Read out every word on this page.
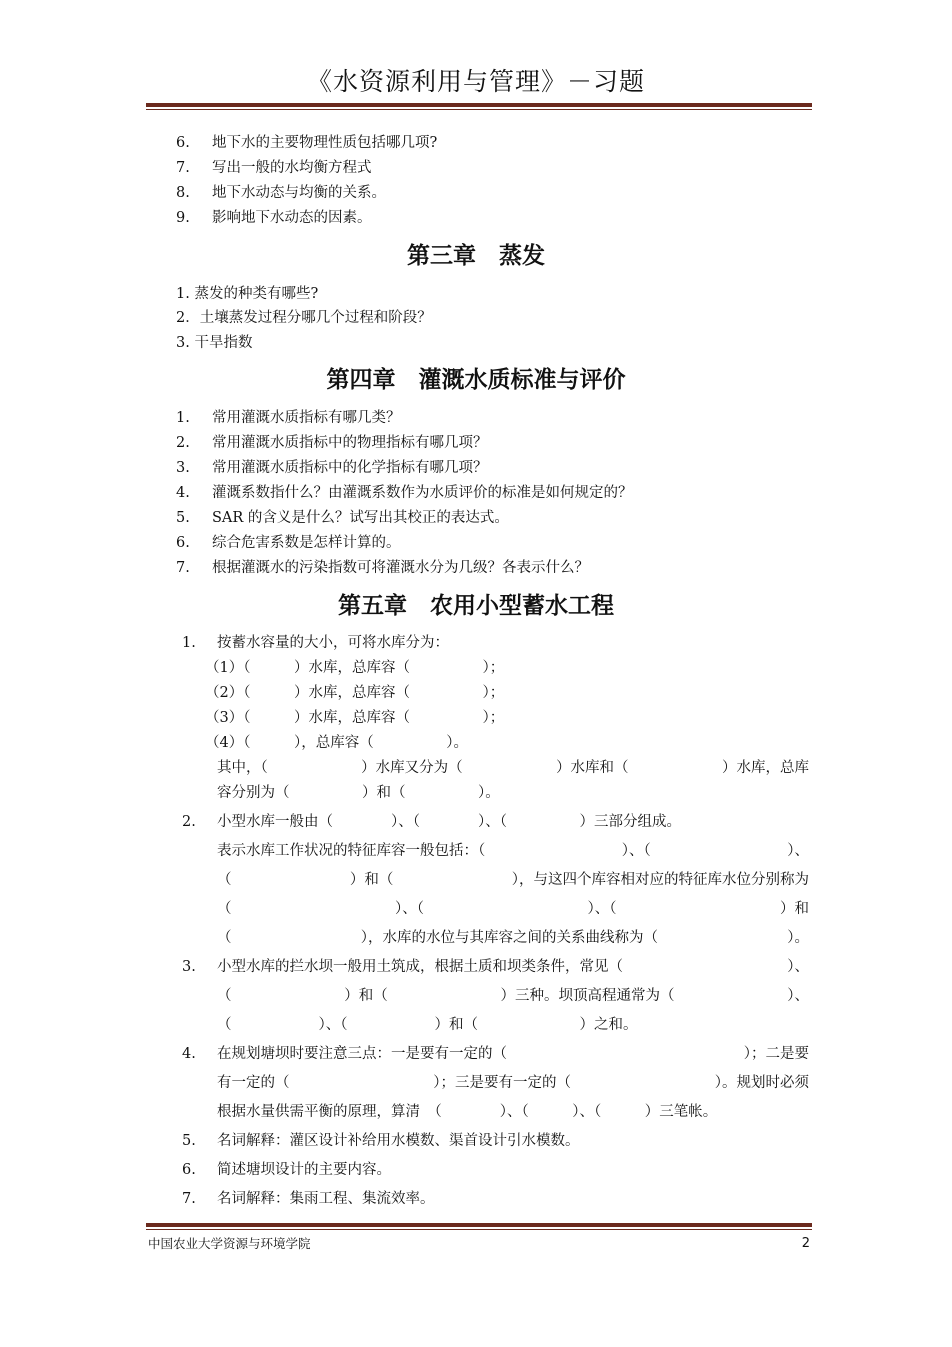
《水资源利用与管理》－习题
6. 地下水的主要物理性质包括哪几项?
7. 写出一般的水均衡方程式
8. 地下水动态与均衡的关系。
9. 影响地下水动态的因素。
第三章　蒸发
1. 蒸发的种类有哪些?
2．土壤蒸发过程分哪几个过程和阶段？
3. 干旱指数
第四章　灌溉水质标准与评价
1. 常用灌溉水质指标有哪几类？
2. 常用灌溉水质指标中的物理指标有哪几项？
3. 常用灌溉水质指标中的化学指标有哪几项？
4. 灌溉系数指什么？由灌溉系数作为水质评价的标准是如何规定的？
5. SAR 的含义是什么？试写出其校正的表达式。
6. 综合危害系数是怎样计算的。
7. 根据灌溉水的污染指数可将灌溉水分为几级？各表示什么？
第五章　农用小型蓄水工程
1. 按蓄水容量的大小，可将水库分为：
（1）（　　　）水库，总库容（　　　　　）；
（2）（　　　）水库，总库容（　　　　　）；
（3）（　　　）水库，总库容（　　　　　）；
（4）（　　　），总库容（　　　　　）。
其中，（	）水库又分为（	）水库和（	）水库，总库
容分别为（　　　　　）和（　　　　　）。
2. 小型水库一般由（　　　　）、（　　　　）、（　　　　　）三部分组成。
表示水库工作状况的特征库容一般包括：（	）、（	）、
（	）和（	），与这四个库容相对应的特征库水位分别称为
（	）、（	）、（	）和
（	），水库的水位与其库容之间的关系曲线称为（	）。
3. 小型水库的拦水坝一般用土筑成，根据土质和坝类条件，常见（	）、
（	）和（	）三种。坝顶高程通常为（	）、
（　　　　　　）、（　　　　　　）和（　　　　　　　）之和。
4. 在规划塘坝时要注意三点：一是要有一定的（	）；二是要
有一定的（	）；三是要有一定的（	）。规划时必须
根据水量供需平衡的原理，算清　（　　　　）、（　　　）、（　　　）三笔帐。
5. 名词解释：灌区设计补给用水模数、渠首设计引水模数。
6. 简述塘坝设计的主要内容。
7. 名词解释：集雨工程、集流效率。
中国农业大学资源与环境学院	2
